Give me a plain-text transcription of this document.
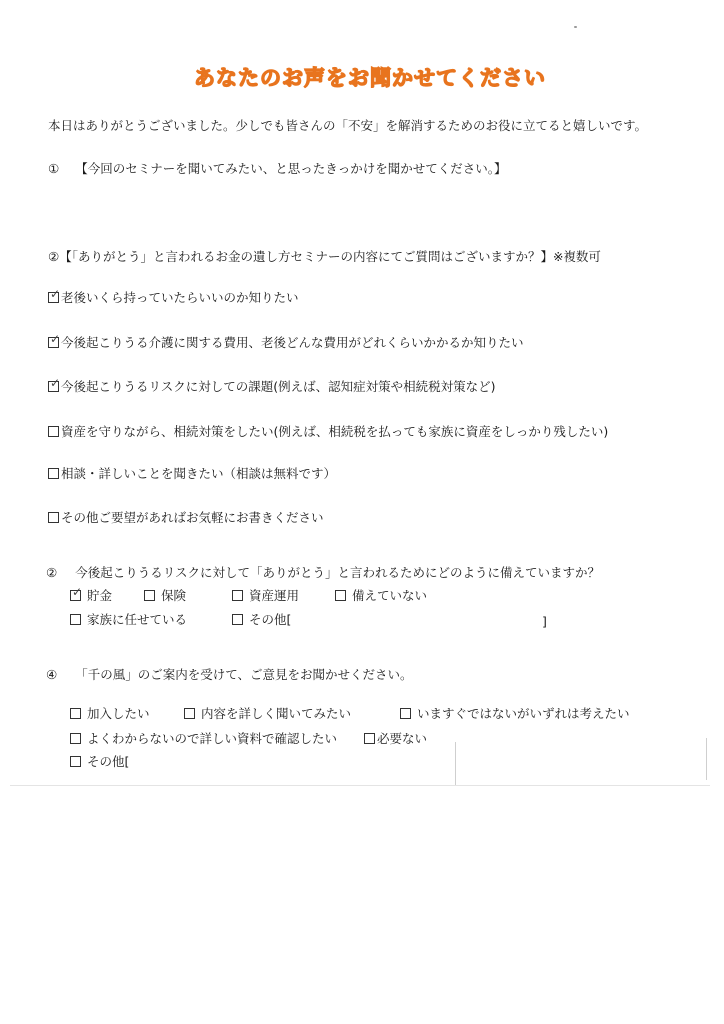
あなたのお声をお聞かせてください
本日はありがとうございました。少しでも皆さんの「不安」を解消するためのお役に立てると嬉しいです。
① 【今回のセミナーを聞いてみたい、と思ったきっかけを聞かせてください。】
②【「ありがとう」と言われるお金の遺し方セミナーの内容にてご質問はございますか？】※複数可
✓ 老後いくら持っていたらいいのか知りたい
✓ 今後起こりうる介護に関する費用、老後どんな費用がどれくらいかかるか知りたい
✓ 今後起こりうるリスクに対しての課題(例えば、認知症対策や相続税対策など)
資産を守りながら、相続対策をしたい(例えば、相続税を払っても家族に資産をしっかり残したい)
相談・詳しいことを聞きたい（相談は無料です）
その他ご要望があればお気軽にお書きください
② 今後起こりうるリスクに対して「ありがとう」と言われるためにどのように備えていますか？
✓ 貯金	保険	資産運用	備えていない
家族に任せている	その他[	]
④ 「千の風」のご案内を受けて、ご意見をお聞かせください。
加入したい	内容を詳しく聞いてみたい	いますぐではないがいずれは考えたい
よくわからないので詳しい資料で確認したい	必要ない
その他[
